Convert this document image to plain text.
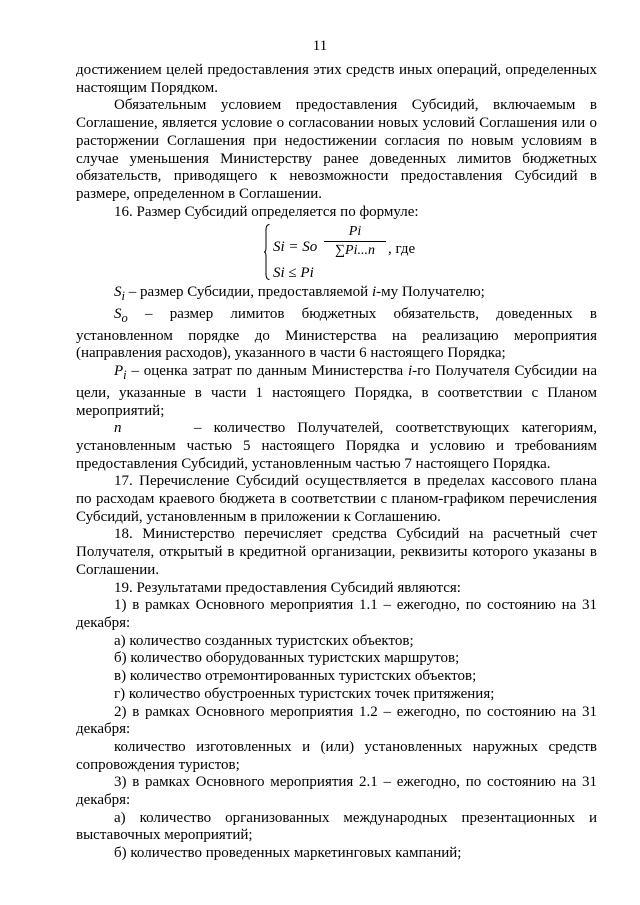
11

достижением целей предоставления этих средств иных операций, определенных настоящим Порядком.

Обязательным условием предоставления Субсидий, включаемым в Соглашение, является условие о согласовании новых условий Соглашения или о расторжении Соглашения при недостижении согласия по новым условиям в случае уменьшения Министерству ранее доведенных лимитов бюджетных обязательств, приводящего к невозможности предоставления Субсидий в размере, определенном в Соглашении.

16. Размер Субсидий определяется по формуле:

Si = So
Pi
∑Pi...n , где
Si ≤ Pi

$S_i$ – размер Субсидии, предоставляемой i-му Получателю;

$S_o$ – размер лимитов бюджетных обязательств, доведенных в установленном порядке до Министерства на реализацию мероприятия (направления расходов), указанного в части 6 настоящего Порядка;

$P_i$ – оценка затрат по данным Министерства i-го Получателя Субсидии на цели, указанные в части 1 настоящего Порядка, в соответствии с Планом мероприятий;

n	– количество Получателей, соответствующих категориям, установленным частью 5 настоящего Порядка и условию и требованиям предоставления Субсидий, установленным частью 7 настоящего Порядка.

17. Перечисление Субсидий осуществляется в пределах кассового плана по расходам краевого бюджета в соответствии с планом-графиком перечисления Субсидий, установленным в приложении к Соглашению.

18. Министерство перечисляет средства Субсидий на расчетный счет Получателя, открытый в кредитной организации, реквизиты которого указаны в Соглашении.

19. Результатами предоставления Субсидий являются:

1) в рамках Основного мероприятия 1.1 – ежегодно, по состоянию на 31 декабря:

а) количество созданных туристских объектов;

б) количество оборудованных туристских маршрутов;

в) количество отремонтированных туристских объектов;

г) количество обустроенных туристских точек притяжения;

2) в рамках Основного мероприятия 1.2 – ежегодно, по состоянию на 31 декабря:

количество изготовленных и (или) установленных наружных средств сопровождения туристов;

3) в рамках Основного мероприятия 2.1 – ежегодно, по состоянию на 31 декабря:

а) количество организованных международных презентационных и выставочных мероприятий;

б) количество проведенных маркетинговых кампаний;
